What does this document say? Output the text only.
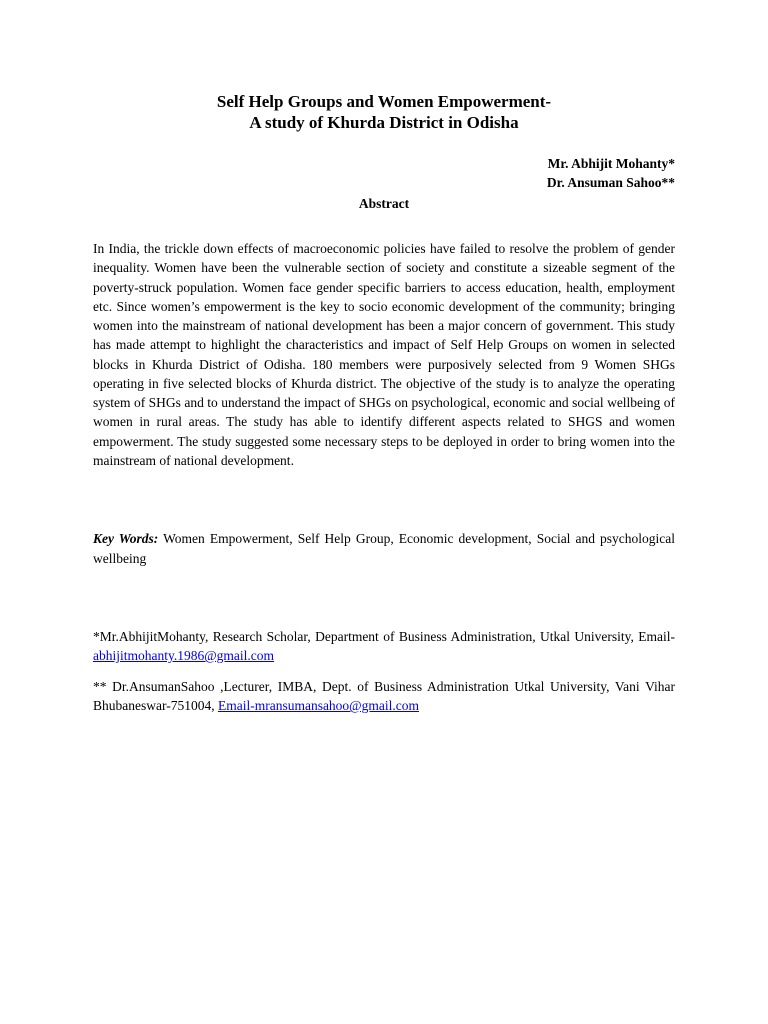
Self Help Groups and Women Empowerment-
A study of Khurda District in Odisha
Mr. Abhijit Mohanty*
Dr. Ansuman Sahoo**
Abstract

In India, the trickle down effects of macroeconomic policies have failed to resolve the problem of gender inequality. Women have been the vulnerable section of society and constitute a sizeable segment of the poverty-struck population. Women face gender specific barriers to access education, health, employment etc. Since women’s empowerment is the key to socio economic development of the community; bringing women into the mainstream of national development has been a major concern of government. This study has made attempt to highlight the characteristics and impact of Self Help Groups on women in selected blocks in Khurda District of Odisha. 180 members were purposively selected from 9 Women SHGs operating in five selected blocks of Khurda district. The objective of the study is to analyze the operating system of SHGs and to understand the impact of SHGs on psychological, economic and social wellbeing of women in rural areas. The study has able to identify different aspects related to SHGS and women empowerment. The study suggested some necessary steps to be deployed in order to bring women into the mainstream of national development.

Key Words: Women Empowerment, Self Help Group, Economic development, Social and psychological wellbeing

*Mr.AbhijitMohanty, Research Scholar, Department of Business Administration, Utkal University, Email- abhijitmohanty.1986@gmail.com

** Dr.AnsumanSahoo ,Lecturer, IMBA, Dept. of Business Administration Utkal University, Vani Vihar Bhubaneswar-751004, Email-mransumansahoo@gmail.com
